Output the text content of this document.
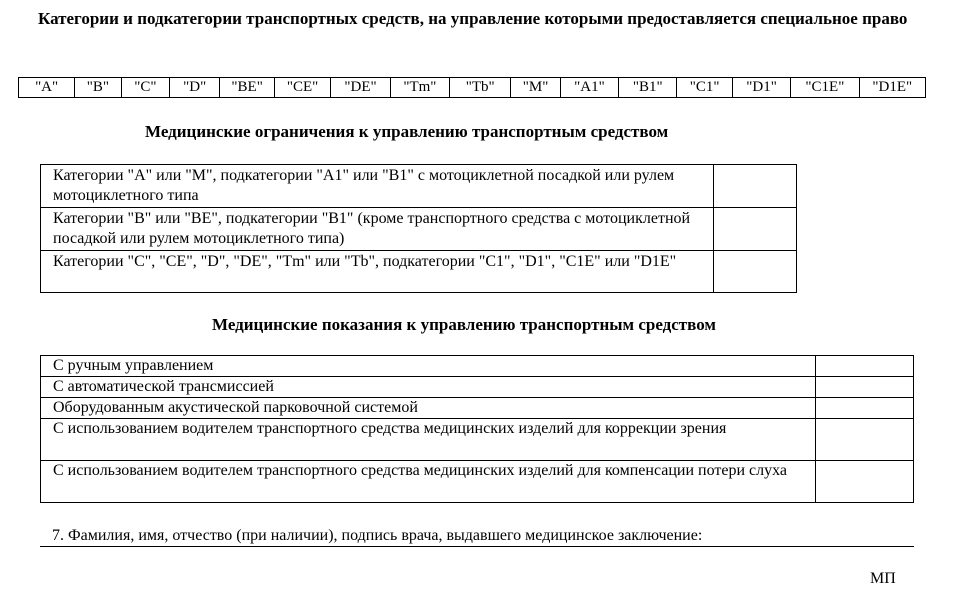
Категории и подкатегории транспортных средств, на управление которыми предоставляется специальное право
"A"	"B"	"C"	"D"	"BE"	"CE"	"DE"	"Tm"	"Tb"	"M"	"A1"	"B1"	"C1"	"D1"	"C1E"	"D1E"
Медицинские ограничения к управлению транспортным средством
Категории "A" или "M", подкатегории "A1" или "B1" с мотоциклетной посадкой или рулем мотоциклетного типа	
Категории "B" или "BE", подкатегории "B1" (кроме транспортного средства с мотоциклетной посадкой или рулем мотоциклетного типа)	
Категории "C", "CE", "D", "DE", "Tm" или "Tb", подкатегории "C1", "D1", "C1E" или "D1E"	
Медицинские показания к управлению транспортным средством
С ручным управлением	
С автоматической трансмиссией	
Оборудованным акустической парковочной системой	
С использованием водителем транспортного средства медицинских изделий для коррекции зрения	
С использованием водителем транспортного средства медицинских изделий для компенсации потери слуха	
7. Фамилия, имя, отчество (при наличии), подпись врача, выдавшего медицинское заключение:
МП
